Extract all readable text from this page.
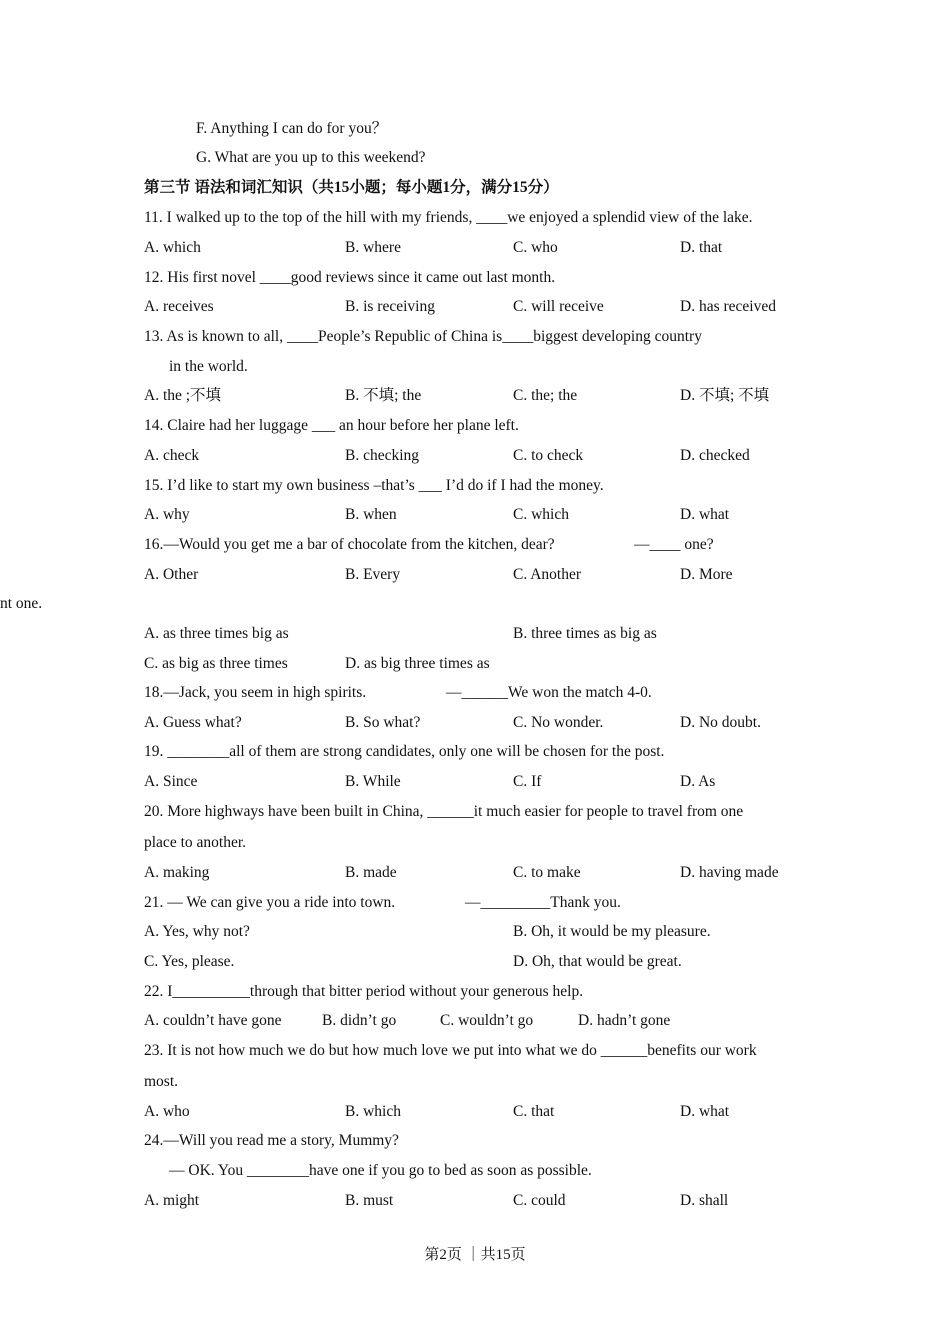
F. Anything I can do for you？
G. What are you up to this weekend?
第三节 语法和词汇知识（共15小题；每小题1分，满分15分）
11. I walked up to the top of the hill with my friends, ____we enjoyed a splendid view of the lake.
A. which	B. where	C. who	D. that
12. His first novel ____good reviews since it came out last month.
A. receives	B. is receiving	C. will receive	D. has received
13. As is known to all, ____People’s Republic of China is____biggest developing country
in the world.
A. the ;不填	B. 不填; the	C. the; the	D. 不填; 不填
14. Claire had her luggage ___ an hour before her plane left.
A. check	B. checking	C. to check	D. checked
15. I’d like to start my own business –that’s ___ I’d do if I had the money.
A. why	B. when	C. which	D. what
16.—Would you get me a bar of chocolate from the kitchen, dear?	—____ one?
A. Other	B. Every	C. Another	D. More
nt one.
A. as three times big as	B. three times as big as
C. as big as three times	D. as big three times as
18.—Jack, you seem in high spirits.	—______We won the match 4-0.
A. Guess what?	B. So what?	C. No wonder.	D. No doubt.
19. ________all of them are strong candidates, only one will be chosen for the post.
A. Since	B. While	C. If	D. As
20. More highways have been built in China, ______it much easier for people to travel from one
place to another.
A. making	B. made	C. to make	D. having made
21. — We can give you a ride into town.	—_________Thank you.
A. Yes, why not?	B. Oh, it would be my pleasure.
C. Yes, please.	D. Oh, that would be great.
22. I__________through that bitter period without your generous help.
A. couldn’t have gone	B. didn’t go	C. wouldn’t go	D. hadn’t gone
23. It is not how much we do but how much love we put into what we do ______benefits our work
most.
A. who	B. which	C. that	D. what
24.—Will you read me a story, Mummy?
— OK. You ________have one if you go to bed as soon as possible.
A. might	B. must	C. could	D. shall
第2页 ｜共15页
